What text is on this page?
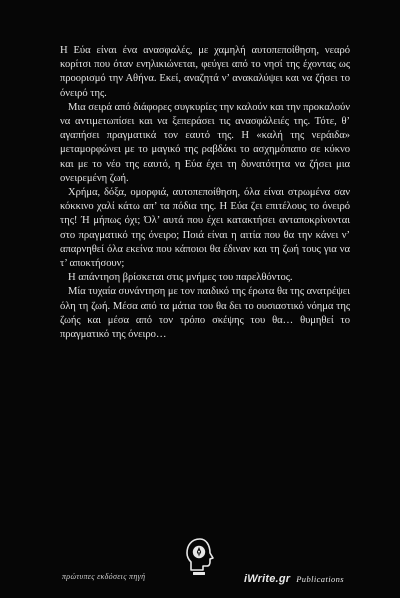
Η Εύα είναι ένα ανασφαλές, με χαμηλή αυτοπεποίθηση, νεαρό κορίτσι που όταν ενηλικιώνεται, φεύγει από το νησί της έχοντας ως προορισμό την Αθήνα. Εκεί, αναζητά ν’ ανακαλύψει και να ζήσει το όνειρό της.

Μια σειρά από διάφορες συγκυρίες την καλούν και την προκαλούν να αντιμετωπίσει και να ξεπεράσει τις ανασφάλειές της. Τότε, θ’ αγαπήσει πραγματικά τον εαυτό της. Η «καλή της νεράιδα» μεταμορφώνει με το μαγικό της ραβδάκι το ασχημόπαπο σε κύκνο και με το νέο της εαυτό, η Εύα έχει τη δυνατότητα να ζήσει μια ονειρεμένη ζωή.

Χρήμα, δόξα, ομορφιά, αυτοπεποίθηση, όλα είναι στρωμένα σαν κόκκινο χαλί κάτω απ’ τα πόδια της. Η Εύα ζει επιτέλους το όνειρό της! Ή μήπως όχι; Όλ’ αυτά που έχει κατακτήσει ανταποκρίνονται στο πραγματικό της όνειρο; Ποιά είναι η αιτία που θα την κάνει ν’ απαρνηθεί όλα εκείνα που κάποιοι θα έδιναν και τη ζωή τους για να τ’ αποκτήσουν;

Η απάντηση βρίσκεται στις μνήμες του παρελθόντος.

Μία τυχαία συνάντηση με τον παιδικό της έρωτα θα της ανατρέψει όλη τη ζωή. Μέσα από τα μάτια του θα δει το ουσιαστικό νόημα της ζωής και μέσα από τον τρόπο σκέψης του θα… θυμηθεί το πραγματικό της όνειρο…

πρώτυπες εκδόσεις πηγή	iWrite.gr Publications
